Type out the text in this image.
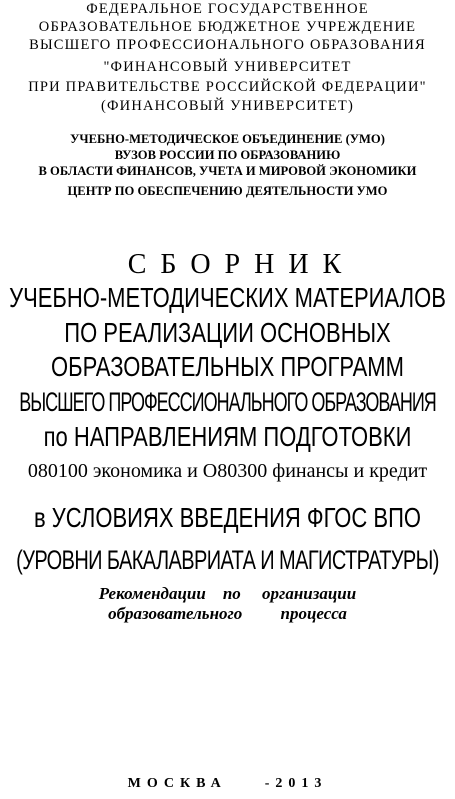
ФЕДЕРАЛЬНОЕ ГОСУДАРСТВЕННОЕ
ОБРАЗОВАТЕЛЬНОЕ БЮДЖЕТНОЕ УЧРЕЖДЕНИЕ
ВЫСШЕГО ПРОФЕССИОНАЛЬНОГО ОБРАЗОВАНИЯ
"ФИНАНСОВЫЙ УНИВЕРСИТЕТ
ПРИ ПРАВИТЕЛЬСТВЕ РОССИЙСКОЙ ФЕДЕРАЦИИ"
(ФИНАНСОВЫЙ УНИВЕРСИТЕТ)
УЧЕБНО-МЕТОДИЧЕСКОЕ ОБЪЕДИНЕНИЕ (УМО)
ВУЗОВ РОССИИ ПО ОБРАЗОВАНИЮ
В ОБЛАСТИ ФИНАНСОВ, УЧЕТА И МИРОВОЙ ЭКОНОМИКИ
ЦЕНТР ПО ОБЕСПЕЧЕНИЮ ДЕЯТЕЛЬНОСТИ УМО
СБОРНИК
УЧЕБНО-МЕТОДИЧЕСКИХ МАТЕРИАЛОВ
ПО РЕАЛИЗАЦИИ ОСНОВНЫХ
ОБРАЗОВАТЕЛЬНЫХ ПРОГРАММ
ВЫСШЕГО ПРОФЕССИОНАЛЬНОГО ОБРАЗОВАНИЯ
по НАПРАВЛЕНИЯМ ПОДГОТОВКИ
080100 экономика и О80300 финансы и кредит
в УСЛОВИЯХ ВВЕДЕНИЯ ФГОС ВПО
(УРОВНИ БАКАЛАВРИАТА И МАГИСТРАТУРЫ)
Рекомендации    по     организации
образовательного         процесса
МОСКВА    -2013
